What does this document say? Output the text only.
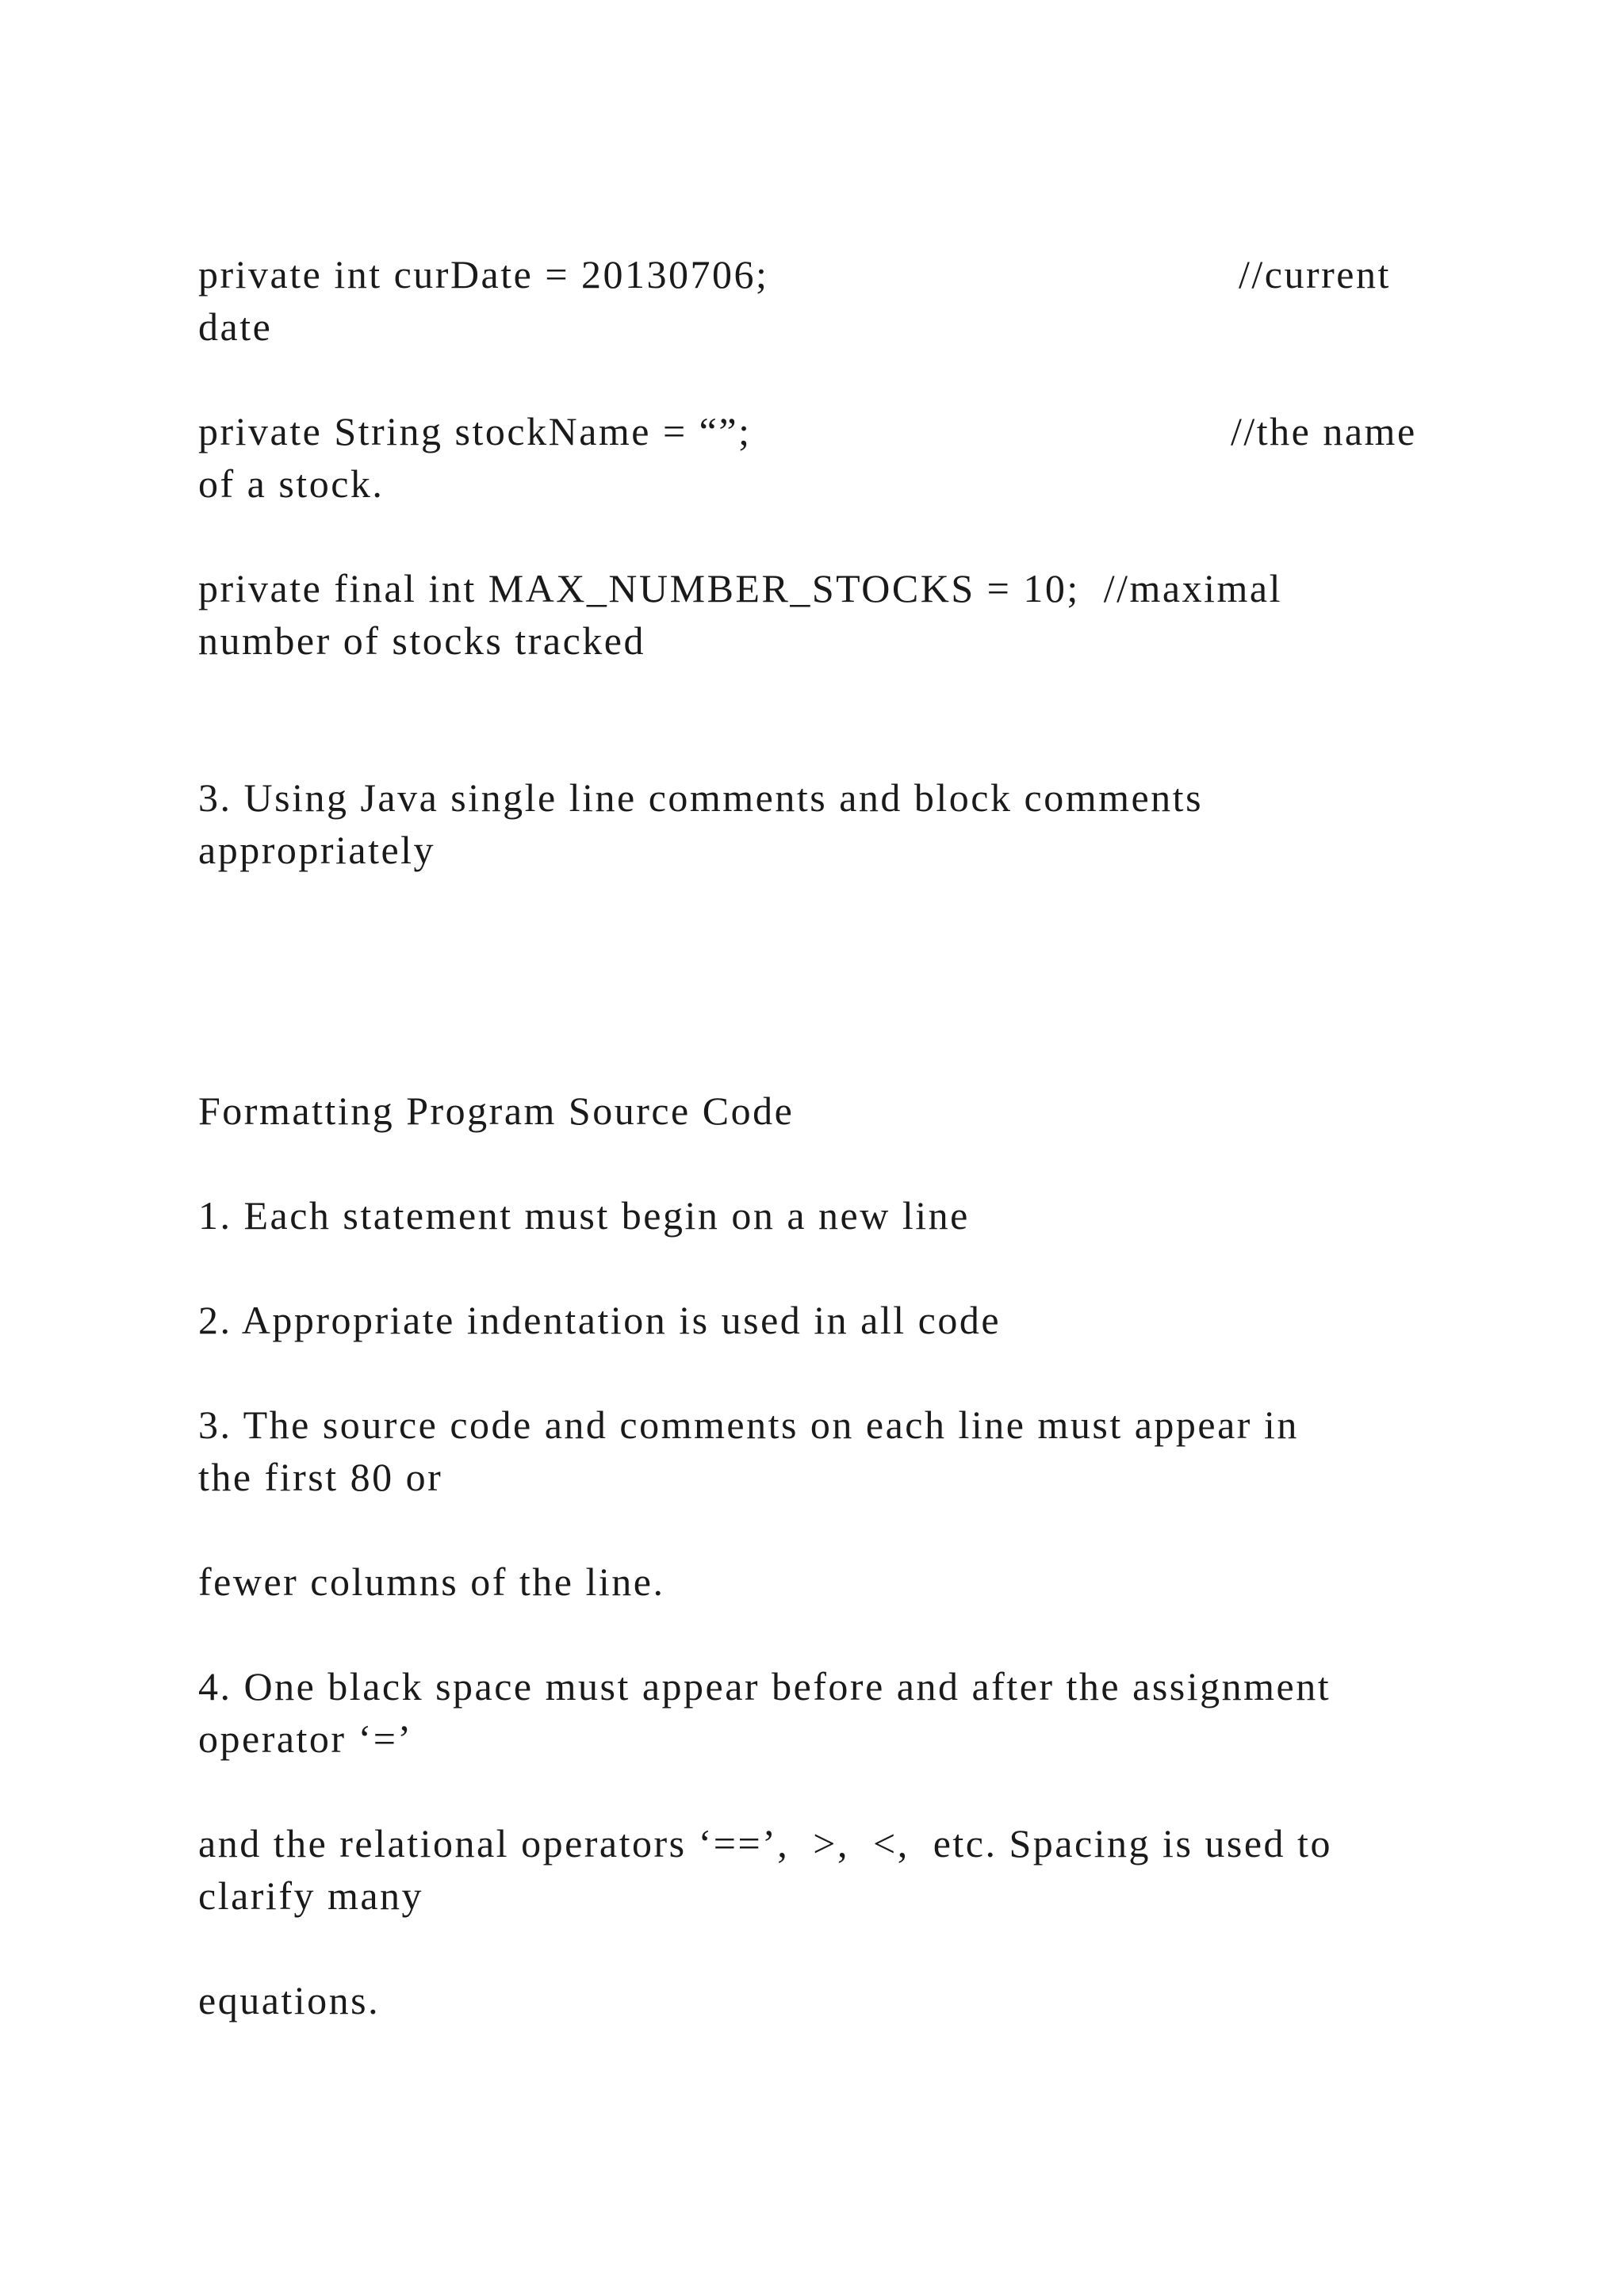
private int curDate = 20130706;	//current

date

private String stockName = “”;	//the name

of a stock.

private final int MAX_NUMBER_STOCKS = 10;  //maximal

number of stocks tracked

3. Using Java single line comments and block comments

appropriately

Formatting Program Source Code

1. Each statement must begin on a new line

2. Appropriate indentation is used in all code

3. The source code and comments on each line must appear in

the first 80 or

fewer columns of the line.

4. One black space must appear before and after the assignment

operator ‘=’

and the relational operators ‘==’,  >,  <,  etc. Spacing is used to

clarify many

equations.
